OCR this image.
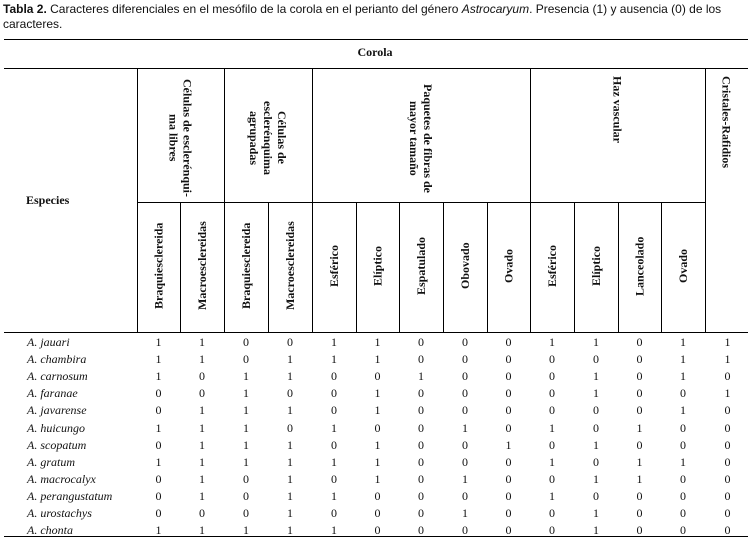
Tabla 2. Caracteres diferenciales en el mesófilo de la corola en el perianto del género Astrocaryum. Presencia (1) y ausencia (0) de los caracteres.
Corola
Especies
Células de esclerénqui-ma libres	Células de esclerénquima agrupadas	Paquetes de fibras de mayor tamaño	Haz vascular	Cristales-Rafidios
Braquiesclereida	Macroesclereidas	Braquiesclereida	Macroesclereidas	Esférico	Elíptico	Espatulado	Obovado	Ovado	Esférico	Elíptico	Lanceolado	Ovado
A. jauari	1	1	0	0	1	1	0	0	0	1	1	0	1	1
A. chambira	1	1	0	1	1	1	0	0	0	0	0	0	1	1
A. carnosum	1	0	1	1	0	0	1	0	0	0	1	0	1	0
A. faranae	0	0	1	0	0	1	0	0	0	0	1	0	0	1
A. javarense	0	1	1	1	0	1	0	0	0	0	0	0	1	0
A. huicungo	1	1	1	0	1	0	0	1	0	1	0	1	0	0
A. scopatum	0	1	1	1	0	1	0	0	1	0	1	0	0	0
A. gratum	1	1	1	1	1	1	0	0	0	1	0	1	1	0
A. macrocalyx	0	1	0	1	0	1	0	1	0	0	1	1	0	0
A. perangustatum	0	1	0	1	1	0	0	0	0	1	0	0	0	0
A. urostachys	0	0	0	1	0	0	0	1	0	0	1	0	0	0
A. chonta	1	1	1	1	1	0	0	0	0	0	1	0	0	0
